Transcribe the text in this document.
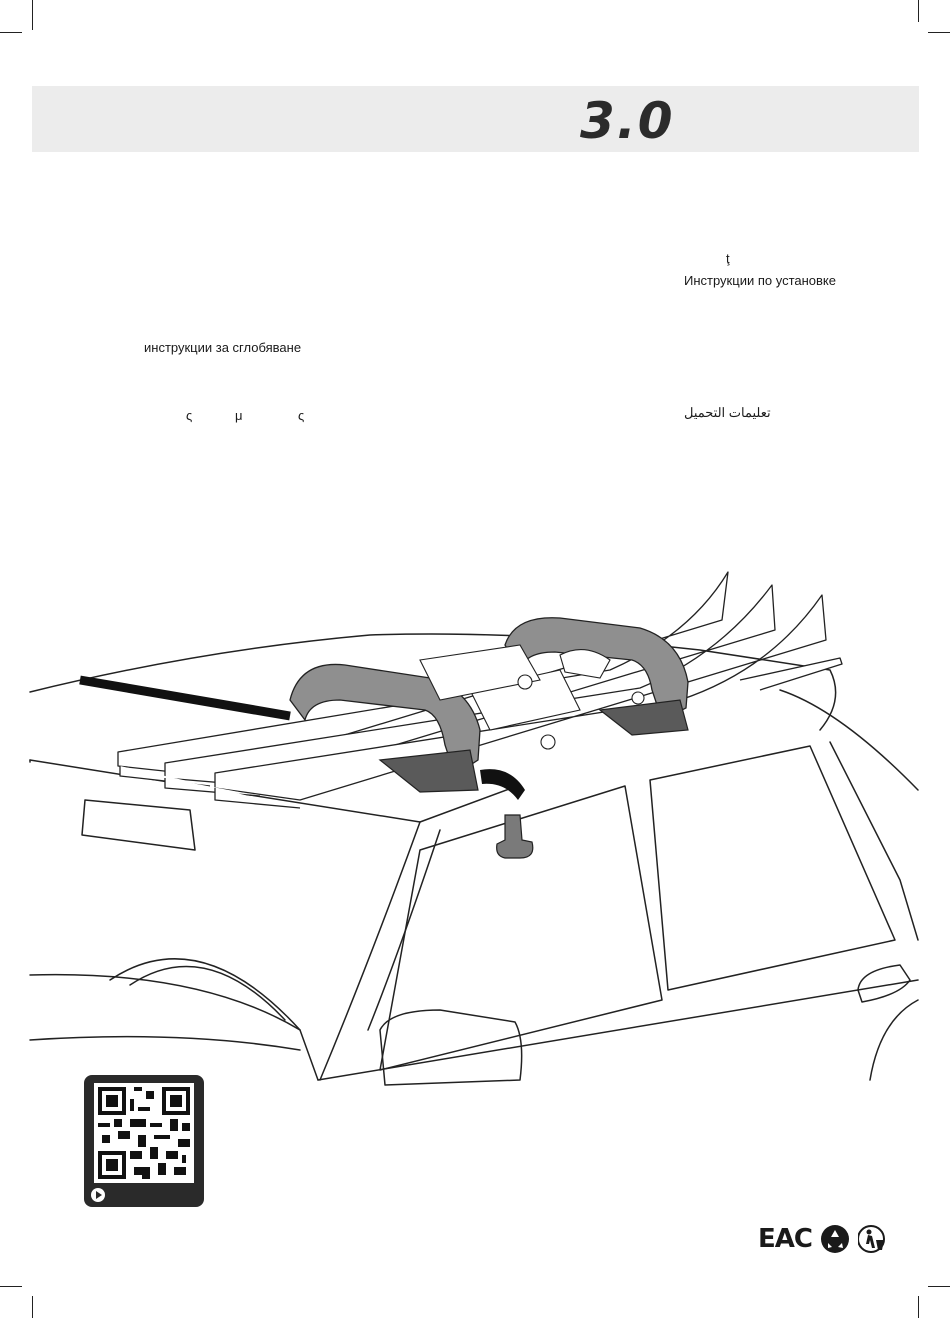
3.0
ţ
Инструкции по установке
инструкции за сглобяване
ς	μ	ς	تعليمات التحميل
EAC
